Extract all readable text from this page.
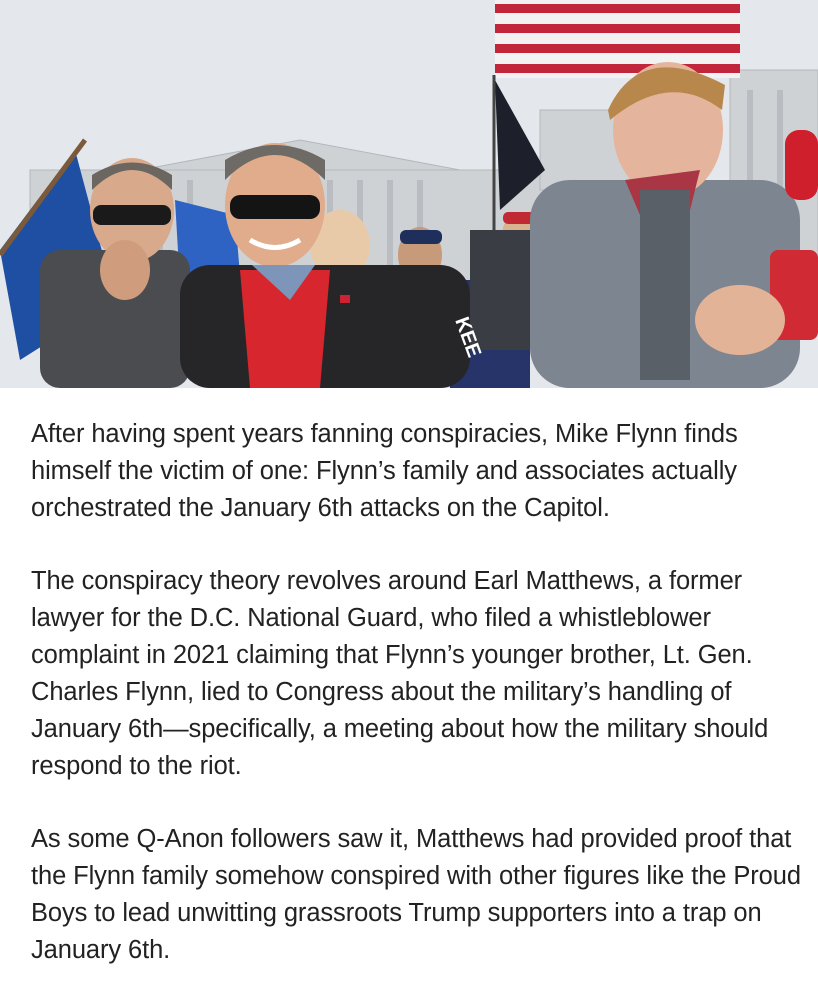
KEE

After having spent years fanning conspiracies, Mike Flynn finds himself the victim of one: Flynn’s family and associates actually orchestrated the January 6th attacks on the Capitol.

The conspiracy theory revolves around Earl Matthews, a former lawyer for the D.C. National Guard, who filed a whistleblower complaint in 2021 claiming that Flynn’s younger brother, Lt. Gen. Charles Flynn, lied to Congress about the military’s handling of January 6th—specifically, a meeting about how the military should respond to the riot.

As some Q-Anon followers saw it, Matthews had provided proof that the Flynn family somehow conspired with other figures like the Proud Boys to lead unwitting grassroots Trump supporters into a trap on January 6th.
